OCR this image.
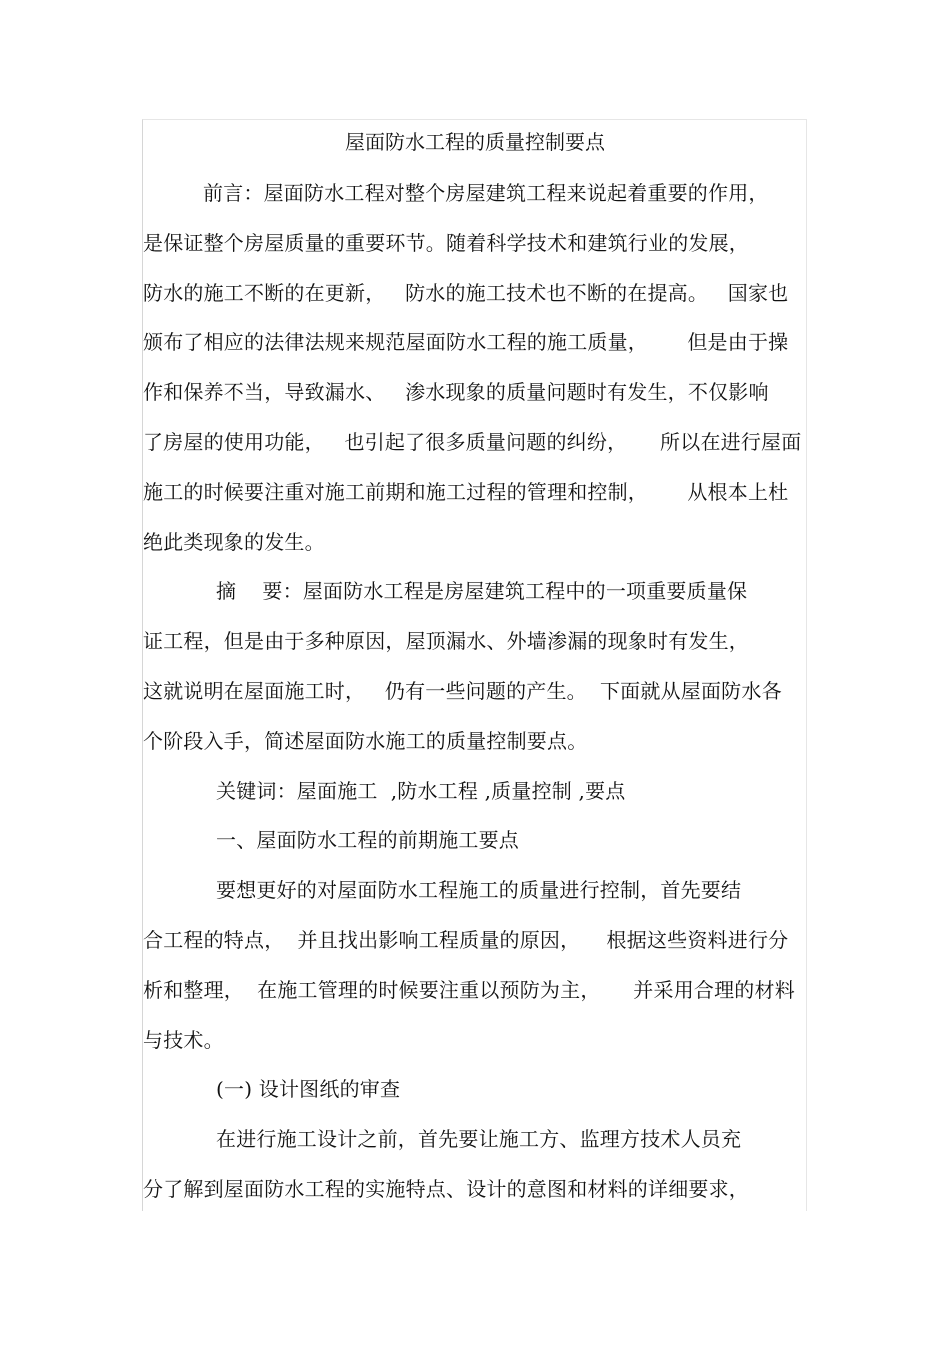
屋面防水工程的质量控制要点
前言：屋面防水工程对整个房屋建筑工程来说起着重要的作用，
是保证整个房屋质量的重要环节。随着科学技术和建筑行业的发展，
防水的施工不断的在更新，   防水的施工技术也不断的在提高。   国家也
颁布了相应的法律法规来规范屋面防水工程的施工质量，      但是由于操
作和保养不当，导致漏水、   渗水现象的质量问题时有发生，不仅影响
了房屋的使用功能，   也引起了很多质量问题的纠纷，     所以在进行屋面
施工的时候要注重对施工前期和施工过程的管理和控制，      从根本上杜
绝此类现象的发生。
摘    要：屋面防水工程是房屋建筑工程中的一项重要质量保
证工程，但是由于多种原因，屋顶漏水、外墙渗漏的现象时有发生，
这就说明在屋面施工时，   仍有一些问题的产生。  下面就从屋面防水各
个阶段入手，简述屋面防水施工的质量控制要点。
关键词：屋面施工  ,防水工程 ,质量控制 ,要点
一、屋面防水工程的前期施工要点
要想更好的对屋面防水工程施工的质量进行控制，首先要结
合工程的特点，  并且找出影响工程质量的原因，    根据这些资料进行分
析和整理，  在施工管理的时候要注重以预防为主，     并采用合理的材料
与技术。
(一) 设计图纸的审查
在进行施工设计之前，首先要让施工方、监理方技术人员充
分了解到屋面防水工程的实施特点、设计的意图和材料的详细要求，
